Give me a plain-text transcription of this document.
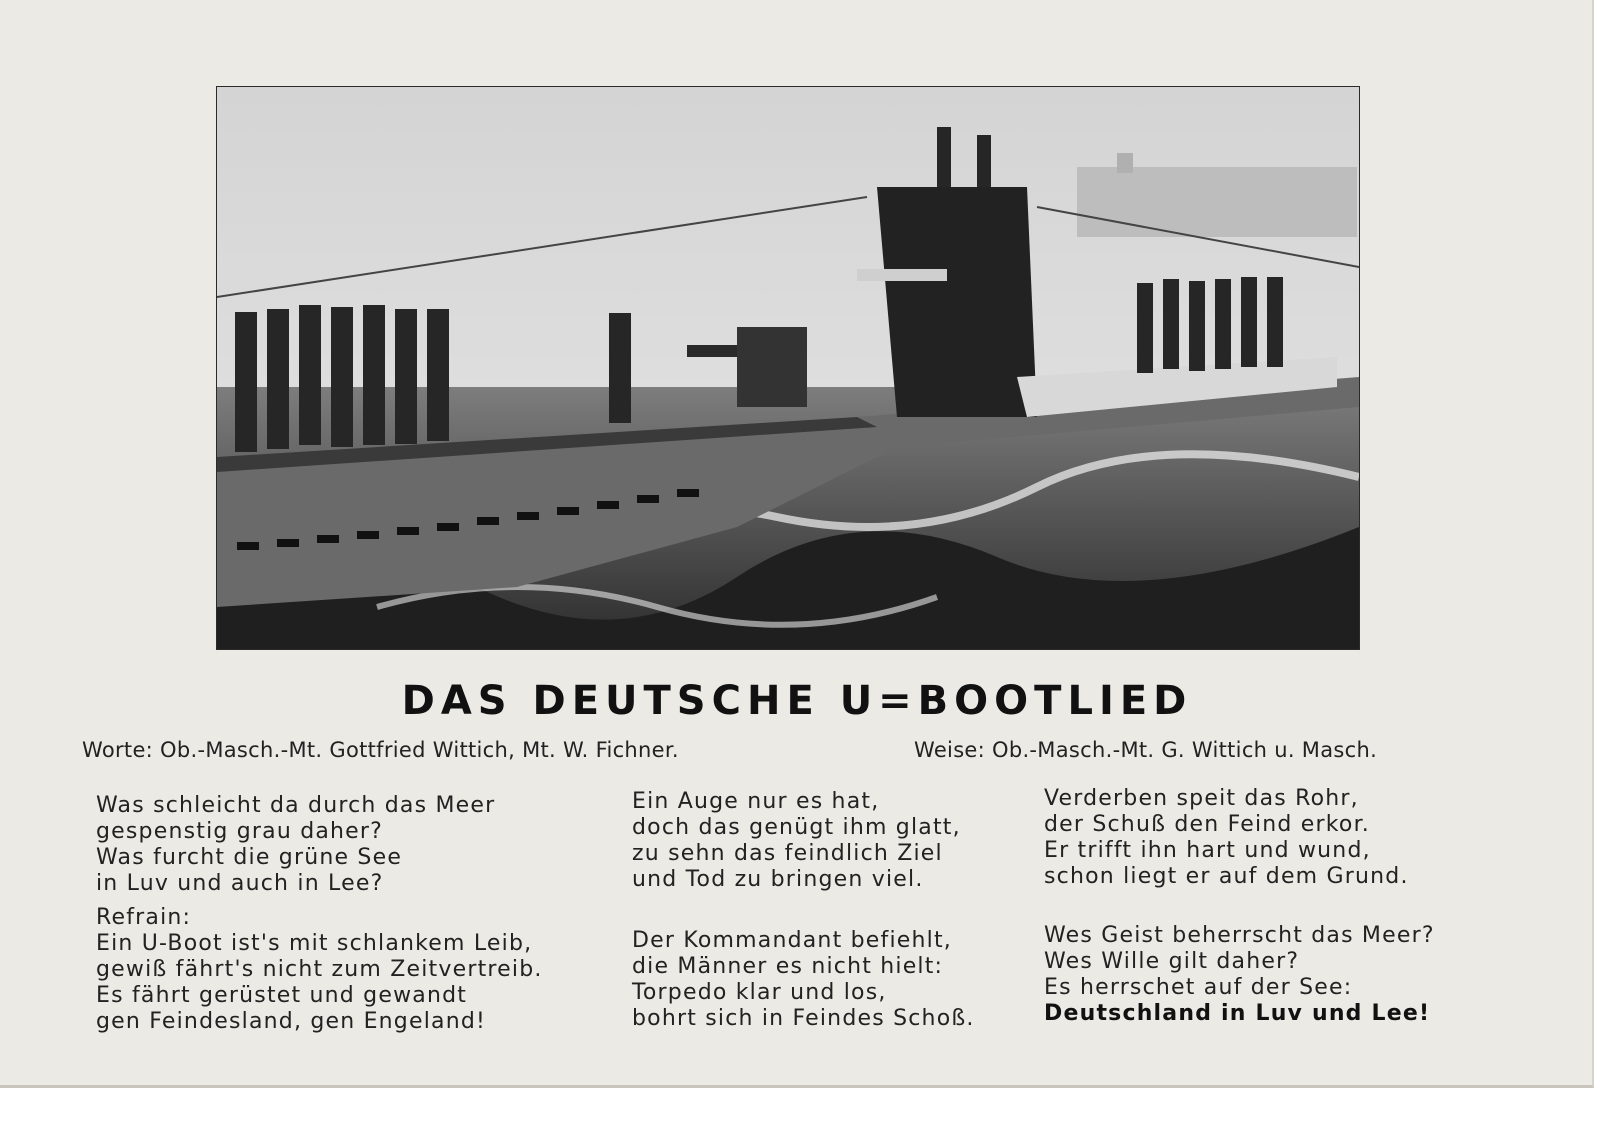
DAS DEUTSCHE U=BOOTLIED
Worte: Ob.-Masch.-Mt. Gottfried Wittich, Mt. W. Fichner.	Weise: Ob.-Masch.-Mt. G. Wittich u. Masch.
Was schleicht da durch das Meer
gespenstig grau daher?
Was furcht die grüne See
in Luv und auch in Lee?
Refrain:
Ein U-Boot ist's mit schlankem Leib,
gewiß fährt's nicht zum Zeitvertreib.
Es fährt gerüstet und gewandt
gen Feindesland, gen Engeland!
Ein Auge nur es hat,
doch das genügt ihm glatt,
zu sehn das feindlich Ziel
und Tod zu bringen viel.
Der Kommandant befiehlt,
die Männer es nicht hielt:
Torpedo klar und los,
bohrt sich in Feindes Schoß.
Verderben speit das Rohr,
der Schuß den Feind erkor.
Er trifft ihn hart und wund,
schon liegt er auf dem Grund.
Wes Geist beherrscht das Meer?
Wes Wille gilt daher?
Es herrschet auf der See:
Deutschland in Luv und Lee!
